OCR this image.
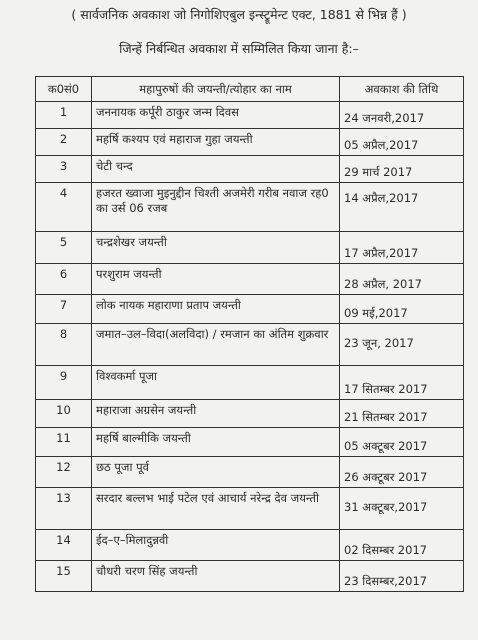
( सार्वजनिक अवकाश जो निगोशिएबुल इन्स्ट्रूमेन्ट एक्ट, 1881 से भिन्न हैं )
जिन्हें निर्बन्धित अवकाश में सम्मिलित किया जाना है:–
क0सं0	महापुरुषों की जयन्ती/त्योहार का नाम	अवकाश की तिथि
1	जननायक कर्पूरी ठाकुर जन्म दिवस	24 जनवरी,2017
2	महर्षि कश्यप एवं महाराज गुहा जयन्ती	05 अप्रैल,2017
3	चेटी चन्द	29 मार्च 2017
4	हजरत ख्वाजा मुइनुद्दीन चिश्ती अजमेरी गरीब नवाज रह0 का उर्स 06 रजब	14 अप्रैल,2017
5	चन्द्रशेखर जयन्ती	17 अप्रैल,2017
6	परशुराम जयन्ती	28 अप्रैल, 2017
7	लोक नायक महाराणा प्रताप जयन्ती	09 मई,2017
8	जमात–उल–विदा(अलविदा) / रमजान का अंतिम शुक्रवार	23 जून, 2017
9	विश्वकर्मा पूजा	17 सितम्बर 2017
10	महाराजा अग्रसेन जयन्ती	21 सितम्बर 2017
11	महर्षि बाल्मीकि जयन्ती	05 अक्टूबर 2017
12	छठ पूजा पूर्व	26 अक्टूबर 2017
13	सरदार बल्लभ भाई पटेल एवं आचार्य नरेन्द्र देव जयन्ती	31 अक्टूबर,2017
14	ईद–ए–मिलादुन्नवी	02 दिसम्बर 2017
15	चौधरी चरण सिंह जयन्ती	23 दिसम्बर,2017
